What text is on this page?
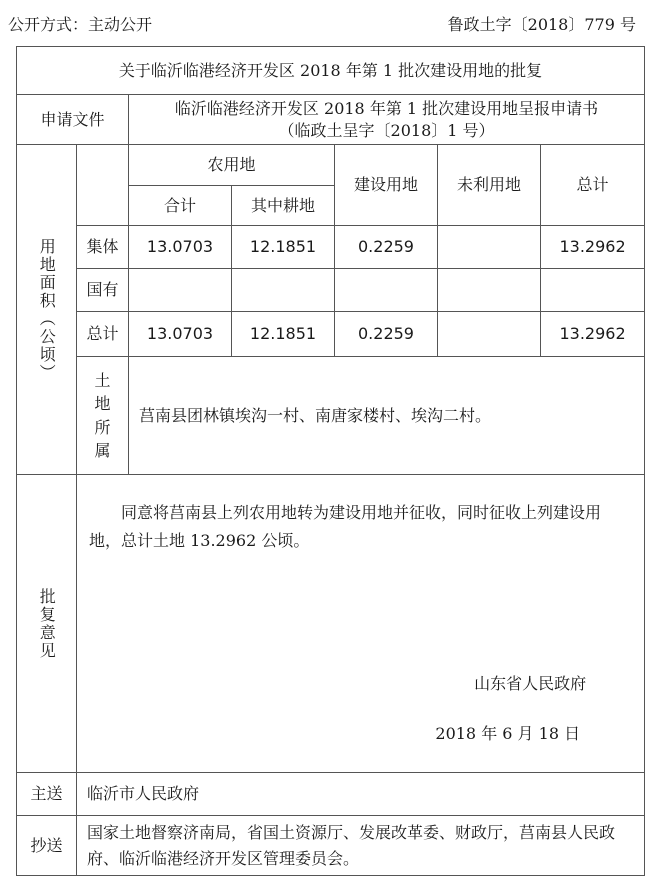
公开方式：主动公开	鲁政土字〔2018〕779 号
关于临沂临港经济开发区 2018 年第 1 批次建设用地的批复						
申请文件		临沂临港经济开发区 2018 年第 1 批次建设用地呈报申请书
（临政土呈字〔2018〕1 号）				

用地面积（公顷）		农用地		建设用地	未利用地	总计
		合计	其中耕地			
	集体	13.0703	12.1851	0.2259		13.2962
	国有					
	总计	13.0703	12.1851	0.2259		13.2962

	土地
所属	莒南县团林镇埃沟一村、南唐家楼村、埃沟二村。				

批复意见	同意将莒南县上列农用地转为建设用地并征收，同时征收上列建设用地，总计土地 13.2962 公顷。
山东省人民政府
2018 年 6 月 18 日					

主送	临沂市人民政府					
抄送	国家土地督察济南局，省国土资源厅、发展改革委、财政厅，莒南县人民政府、临沂临港经济开发区管理委员会。					
